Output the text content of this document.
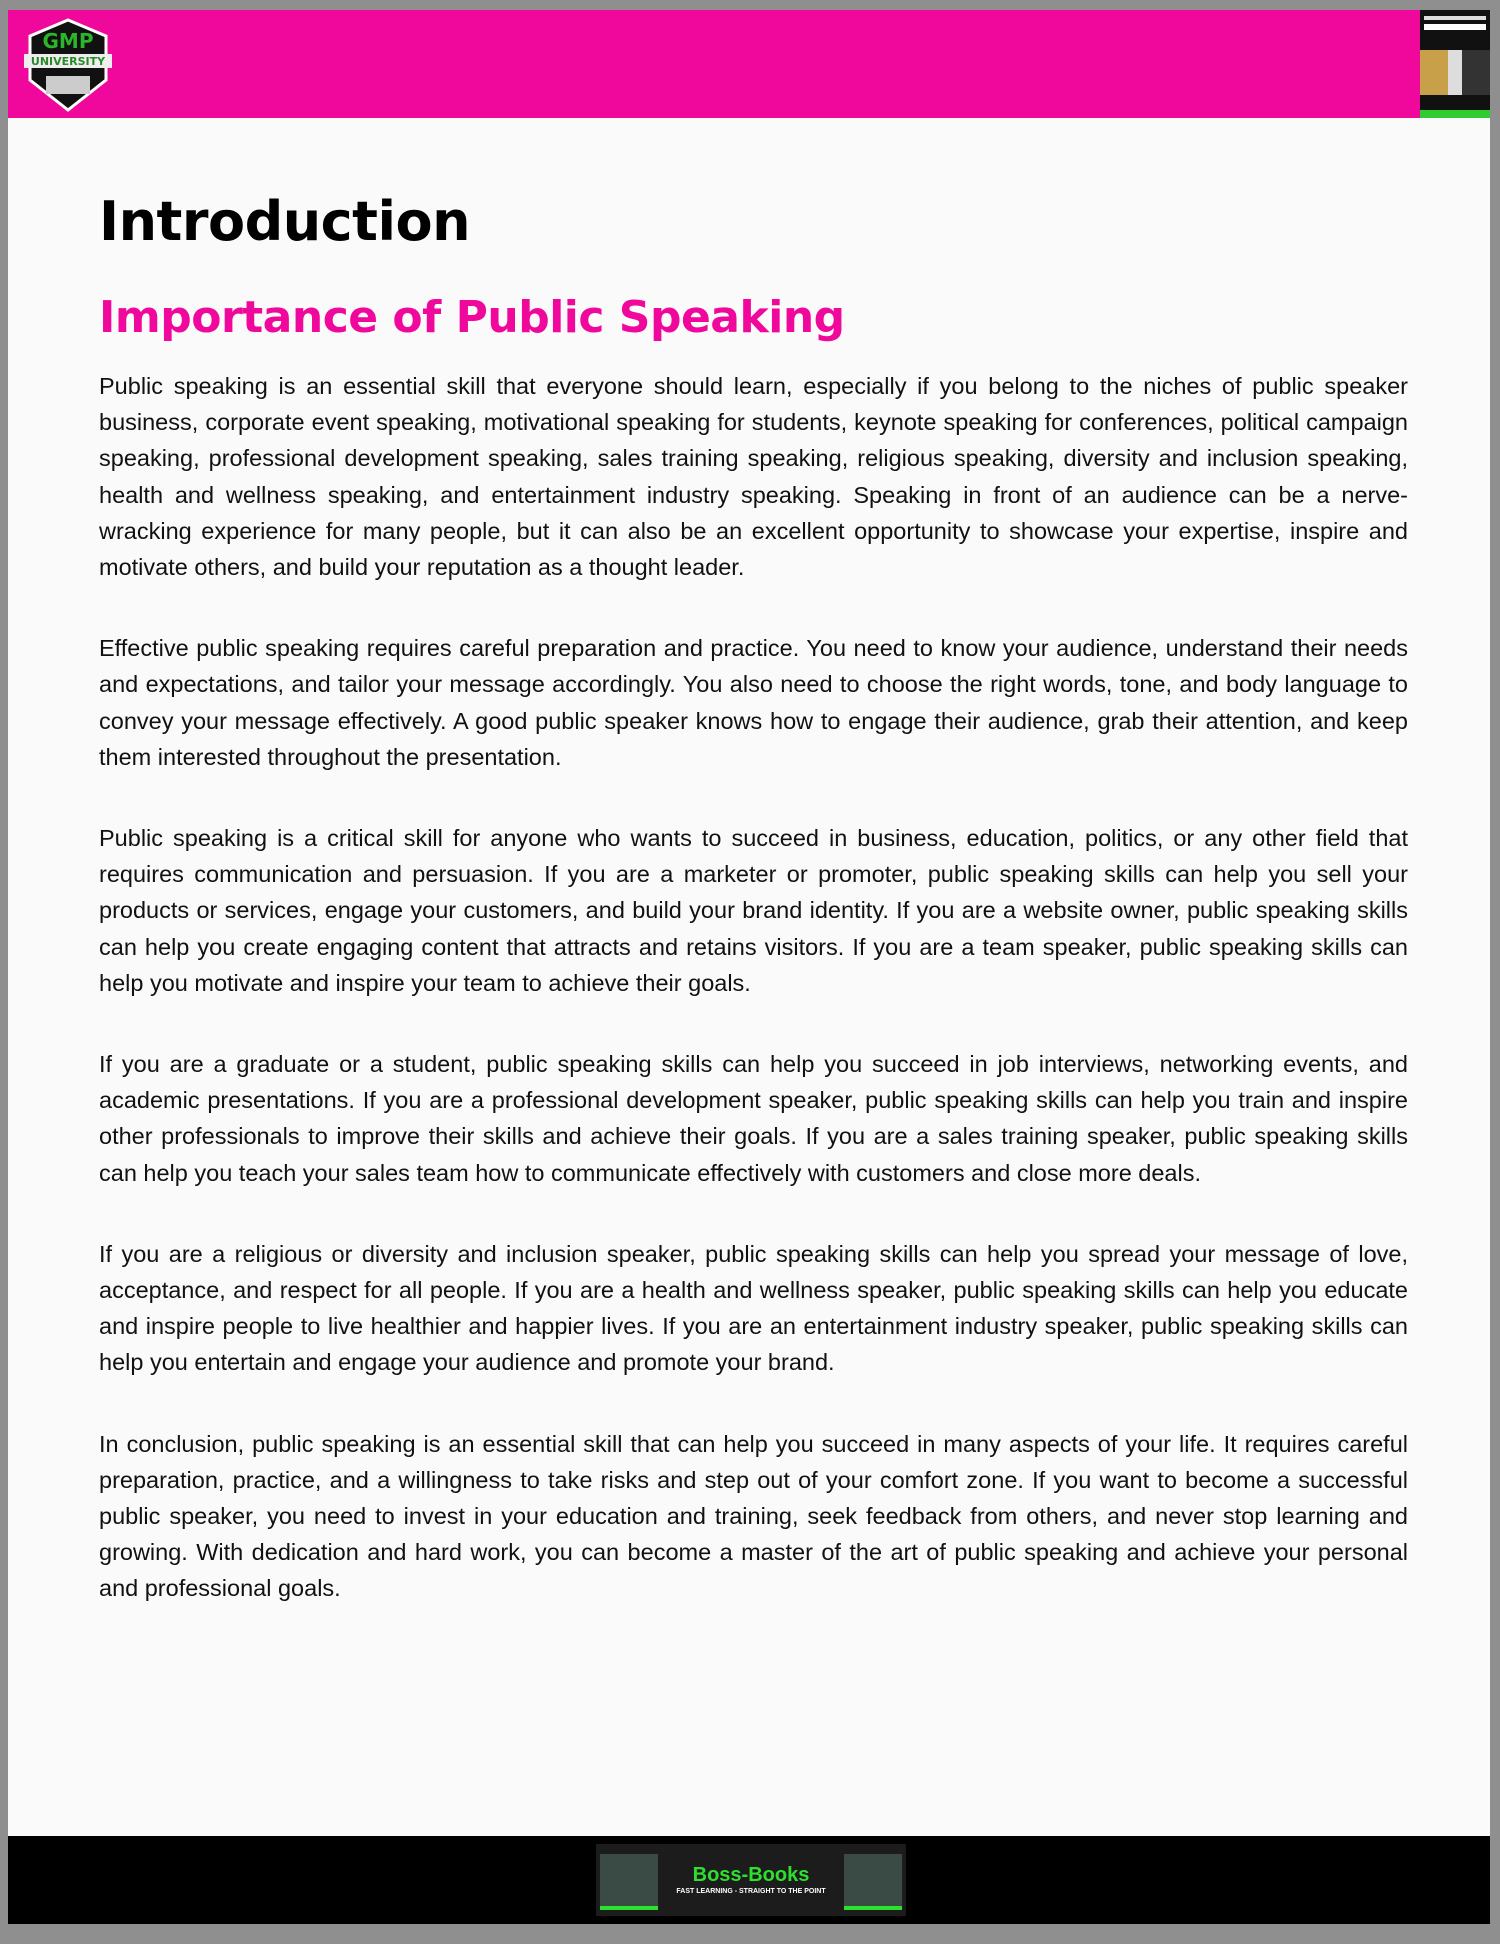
GMP
UNIVERSITY
Introduction
Importance of Public Speaking

Public speaking is an essential skill that everyone should learn, especially if you belong to the niches of public speaker business, corporate event speaking, motivational speaking for students, keynote speaking for conferences, political campaign speaking, professional development speaking, sales training speaking, religious speaking, diversity and inclusion speaking, health and wellness speaking, and entertainment industry speaking. Speaking in front of an audience can be a nerve-wracking experience for many people, but it can also be an excellent opportunity to showcase your expertise, inspire and motivate others, and build your reputation as a thought leader.

Effective public speaking requires careful preparation and practice. You need to know your audience, understand their needs and expectations, and tailor your message accordingly. You also need to choose the right words, tone, and body language to convey your message effectively. A good public speaker knows how to engage their audience, grab their attention, and keep them interested throughout the presentation.

Public speaking is a critical skill for anyone who wants to succeed in business, education, politics, or any other field that requires communication and persuasion. If you are a marketer or promoter, public speaking skills can help you sell your products or services, engage your customers, and build your brand identity. If you are a website owner, public speaking skills can help you create engaging content that attracts and retains visitors. If you are a team speaker, public speaking skills can help you motivate and inspire your team to achieve their goals.

If you are a graduate or a student, public speaking skills can help you succeed in job interviews, networking events, and academic presentations. If you are a professional development speaker, public speaking skills can help you train and inspire other professionals to improve their skills and achieve their goals. If you are a sales training speaker, public speaking skills can help you teach your sales team how to communicate effectively with customers and close more deals.

If you are a religious or diversity and inclusion speaker, public speaking skills can help you spread your message of love, acceptance, and respect for all people. If you are a health and wellness speaker, public speaking skills can help you educate and inspire people to live healthier and happier lives. If you are an entertainment industry speaker, public speaking skills can help you entertain and engage your audience and promote your brand.

In conclusion, public speaking is an essential skill that can help you succeed in many aspects of your life. It requires careful preparation, practice, and a willingness to take risks and step out of your comfort zone. If you want to become a successful public speaker, you need to invest in your education and training, seek feedback from others, and never stop learning and growing. With dedication and hard work, you can become a master of the art of public speaking and achieve your personal and professional goals.

Boss-Books
FAST LEARNING - STRAIGHT TO THE POINT
